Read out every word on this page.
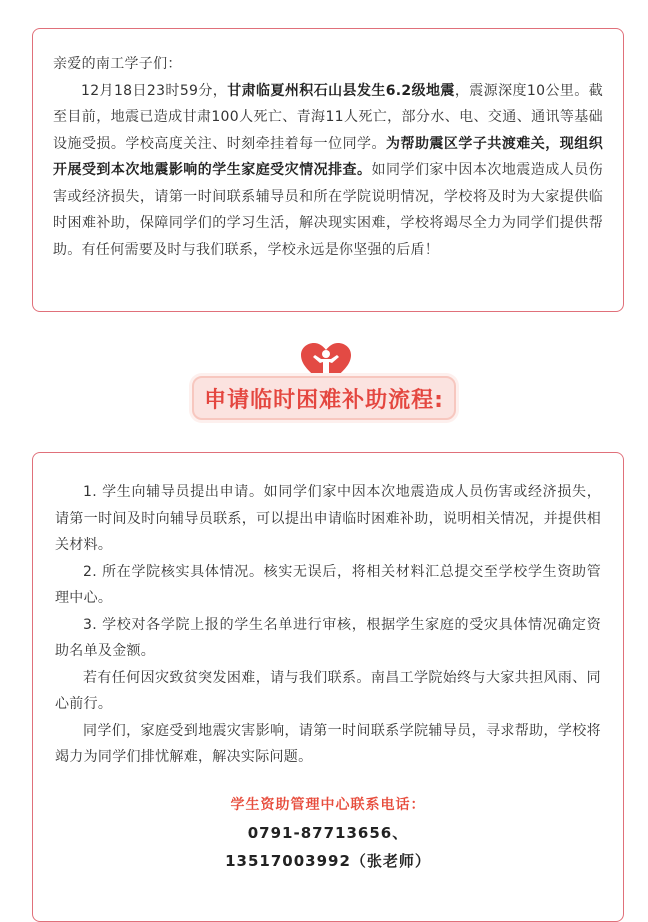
亲爱的南工学子们：

12月18日23时59分，甘肃临夏州积石山县发生6.2级地震，震源深度10公里。截至目前，地震已造成甘肃100人死亡、青海11人死亡，部分水、电、交通、通讯等基础设施受损。学校高度关注、时刻牵挂着每一位同学。为帮助震区学子共渡难关，现组织开展受到本次地震影响的学生家庭受灾情况排查。如同学们家中因本次地震造成人员伤害或经济损失，请第一时间联系辅导员和所在学院说明情况，学校将及时为大家提供临时困难补助，保障同学们的学习生活，解决现实困难，学校将竭尽全力为同学们提供帮助。有任何需要及时与我们联系，学校永远是你坚强的后盾！

申请临时困难补助流程:

1. 学生向辅导员提出申请。如同学们家中因本次地震造成人员伤害或经济损失，请第一时间及时向辅导员联系，可以提出申请临时困难补助，说明相关情况，并提供相关材料。

2. 所在学院核实具体情况。核实无误后，将相关材料汇总提交至学校学生资助管理中心。

3. 学校对各学院上报的学生名单进行审核，根据学生家庭的受灾具体情况确定资助名单及金额。

若有任何因灾致贫突发困难，请与我们联系。南昌工学院始终与大家共担风雨、同心前行。

同学们，家庭受到地震灾害影响，请第一时间联系学院辅导员，寻求帮助，学校将竭力为同学们排忧解难，解决实际问题。

学生资助管理中心联系电话：
0791-87713656、
13517003992（张老师）
